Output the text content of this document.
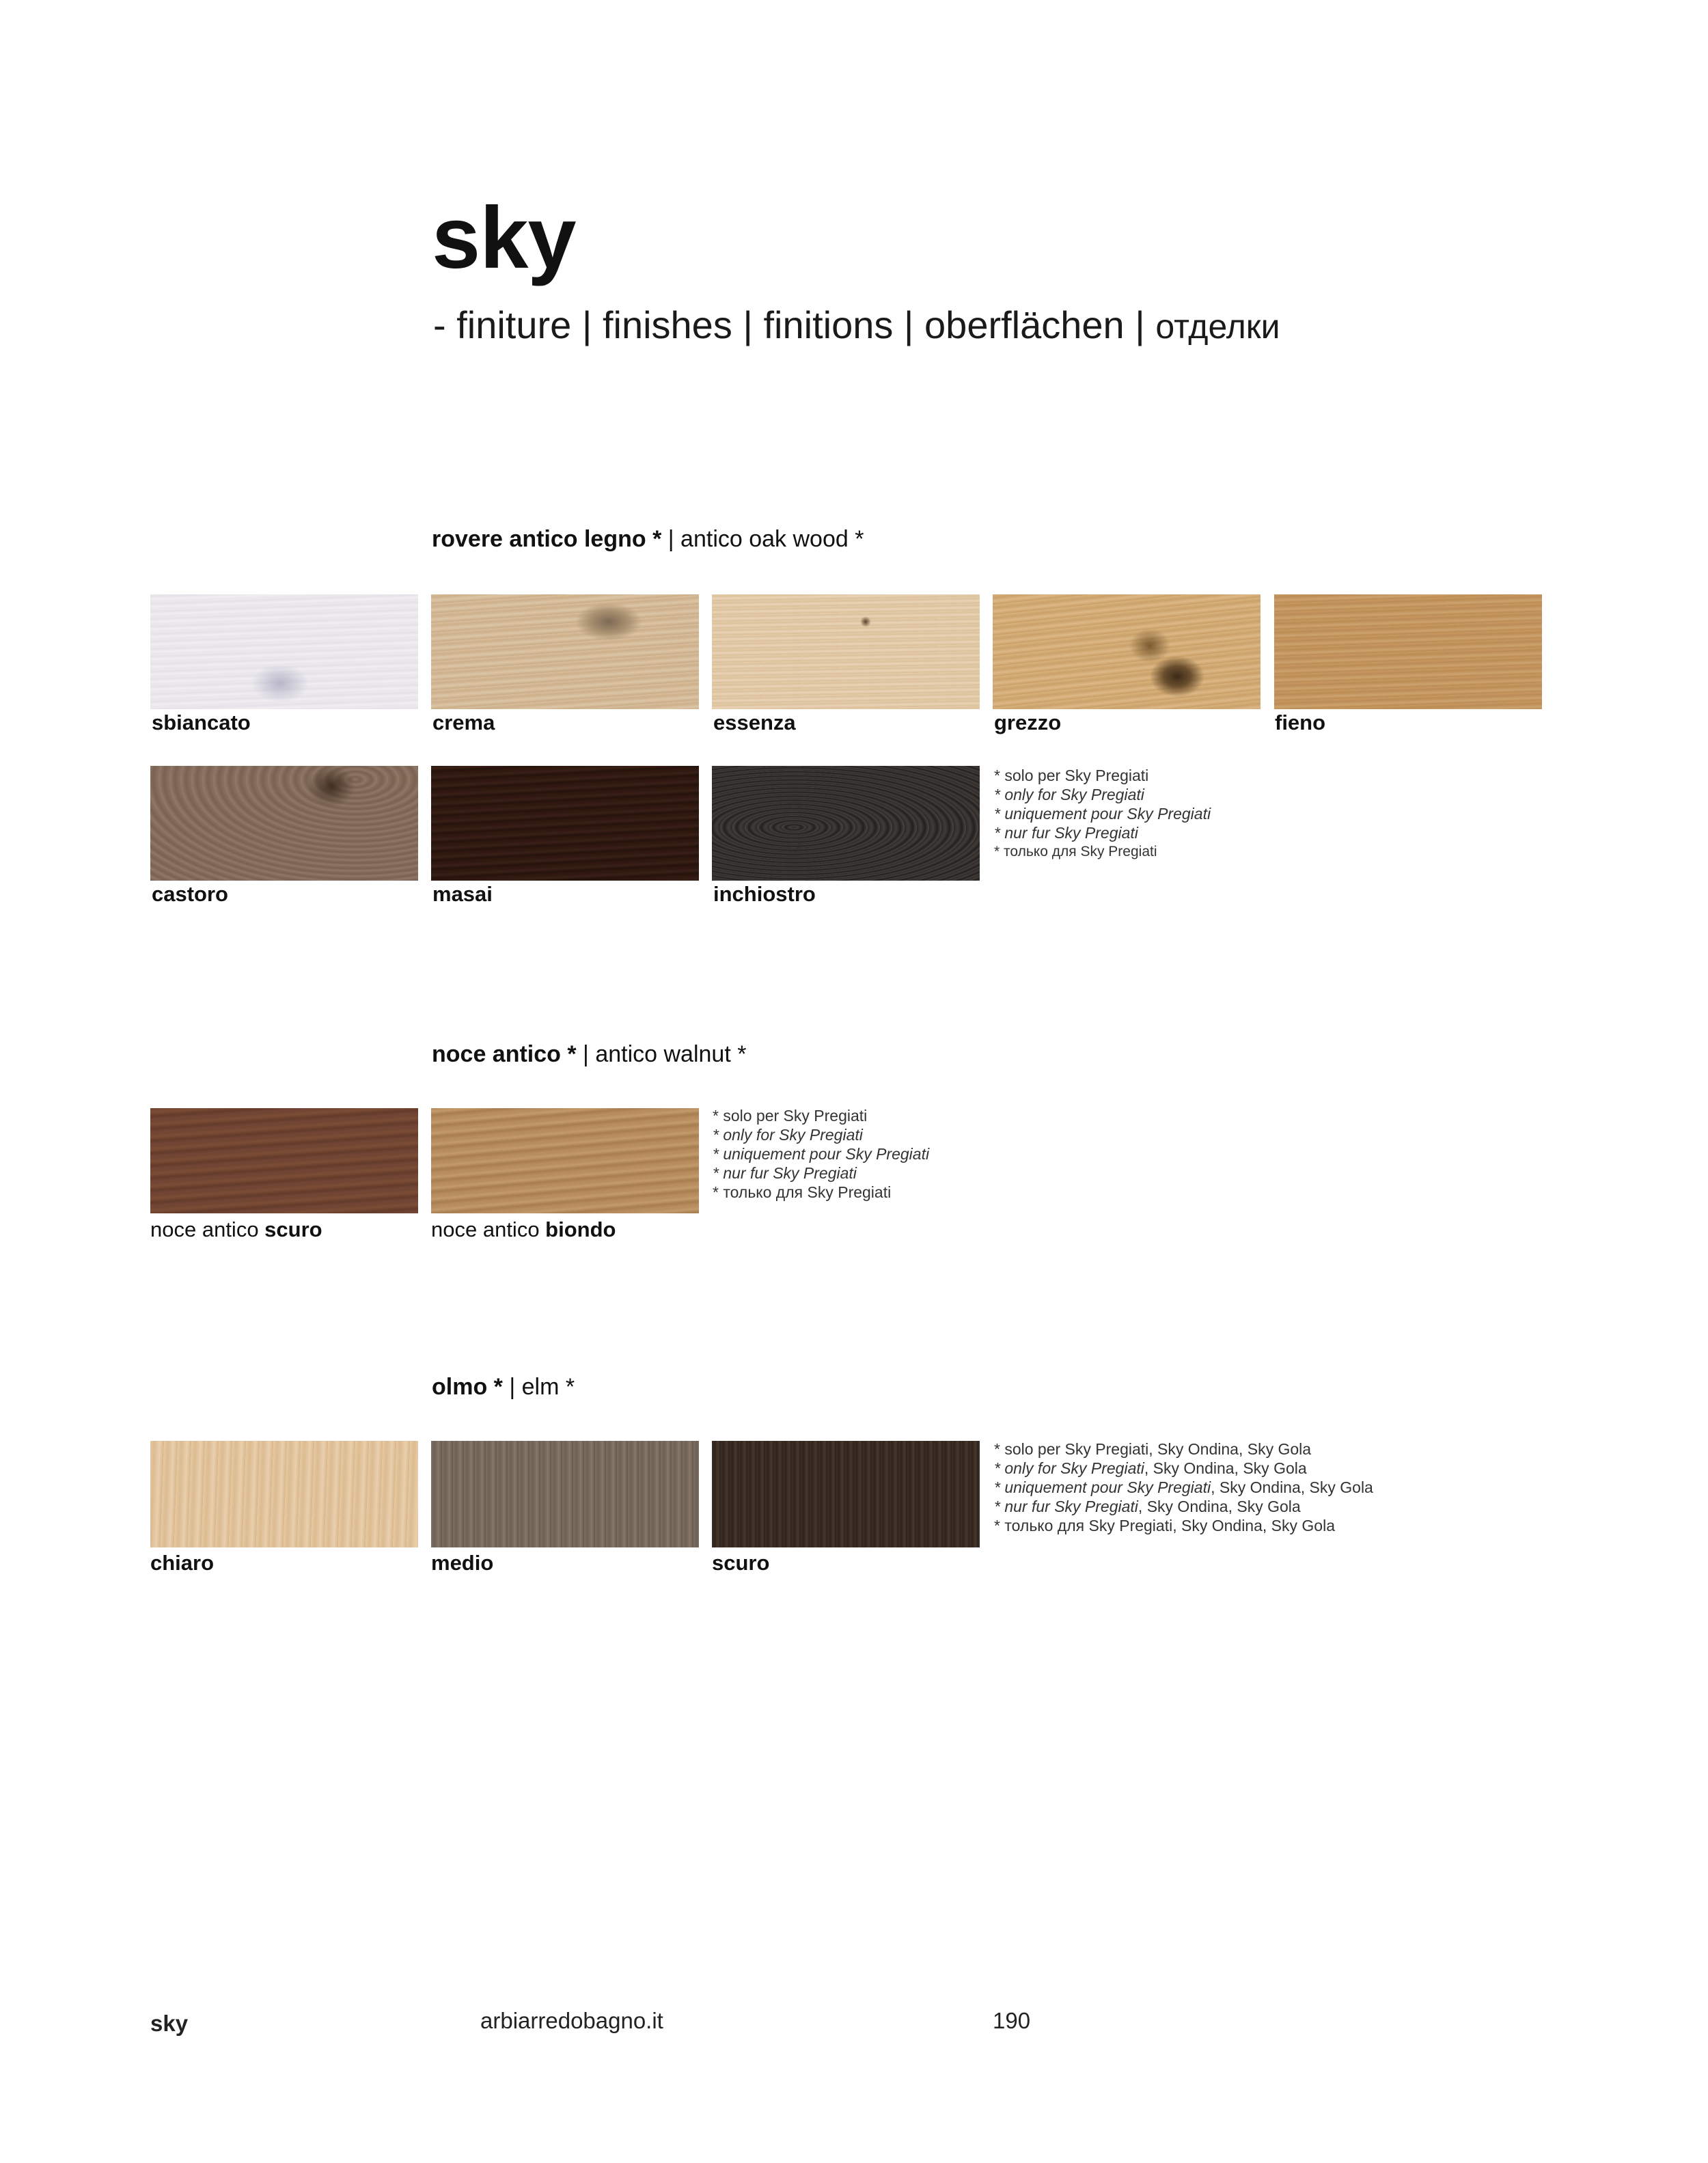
sky
- finiture | finishes | finitions | oberflächen | отделки
rovere antico legno * | antico oak wood *
sbiancato	crema	essenza	grezzo	fieno
castoro	masai	inchiostro
* solo per Sky Pregiati
* only for Sky Pregiati
* uniquement pour Sky Pregiati
* nur fur Sky Pregiati
* только для Sky Pregiati
noce antico * | antico walnut *
noce antico scuro	noce antico biondo
* solo per Sky Pregiati
* only for Sky Pregiati
* uniquement pour Sky Pregiati
* nur fur Sky Pregiati
* только для Sky Pregiati
olmo * | elm *
chiaro	medio	scuro
* solo per Sky Pregiati, Sky Ondina, Sky Gola
* only for Sky Pregiati, Sky Ondina, Sky Gola
* uniquement pour Sky Pregiati, Sky Ondina, Sky Gola
* nur fur Sky Pregiati, Sky Ondina, Sky Gola
* только для Sky Pregiati, Sky Ondina, Sky Gola
sky	arbiarredobagno.it	190
